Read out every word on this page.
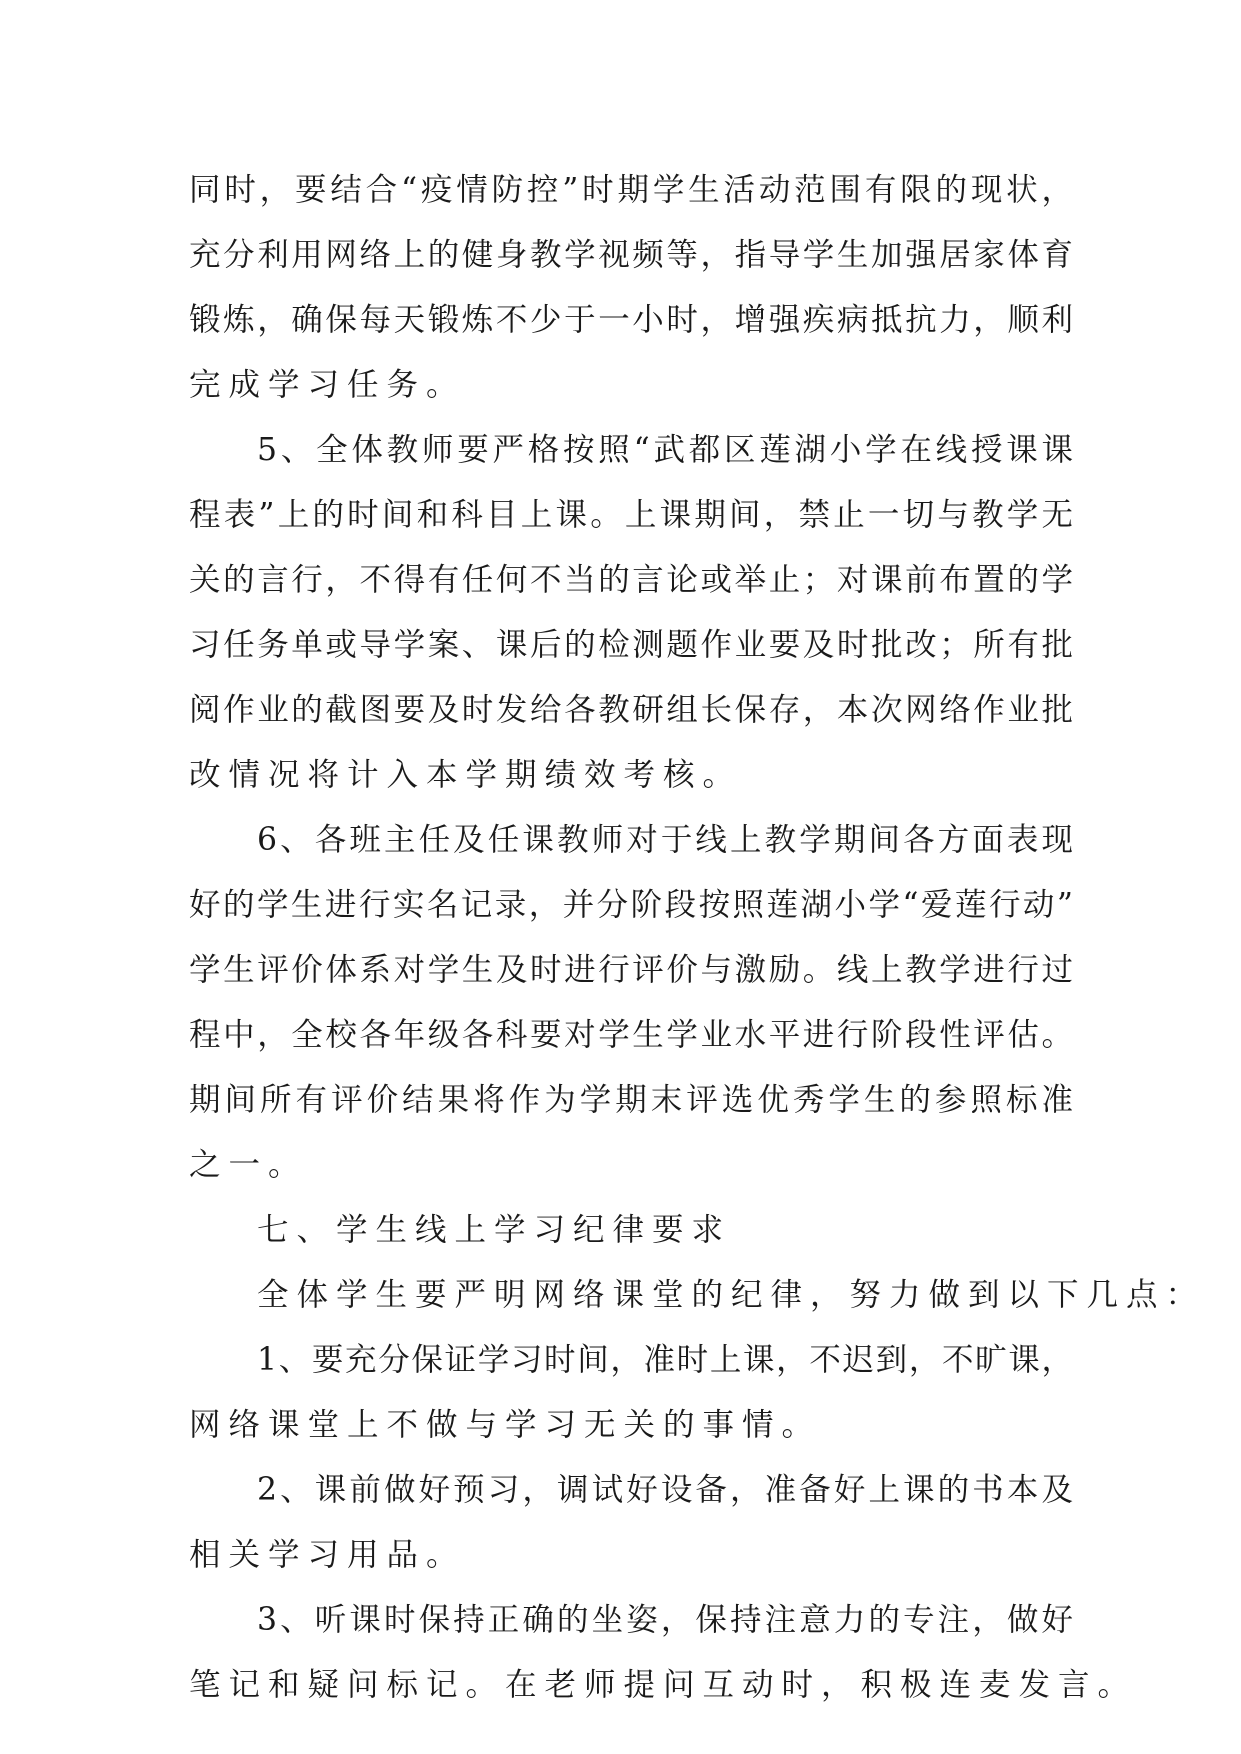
同时，要结合“疫情防控”时期学生活动范围有限的现状，
充分利用网络上的健身教学视频等，指导学生加强居家体育
锻炼，确保每天锻炼不少于一小时，增强疾病抵抗力，顺利
完成学习任务。
5、全体教师要严格按照“武都区莲湖小学在线授课课
程表”上的时间和科目上课。上课期间，禁止一切与教学无
关的言行，不得有任何不当的言论或举止；对课前布置的学
习任务单或导学案、课后的检测题作业要及时批改；所有批
阅作业的截图要及时发给各教研组长保存，本次网络作业批
改情况将计入本学期绩效考核。
6、各班主任及任课教师对于线上教学期间各方面表现
好的学生进行实名记录，并分阶段按照莲湖小学“爱莲行动”
学生评价体系对学生及时进行评价与激励。线上教学进行过
程中，全校各年级各科要对学生学业水平进行阶段性评估。
期间所有评价结果将作为学期末评选优秀学生的参照标准
之一。
七、学生线上学习纪律要求
全体学生要严明网络课堂的纪律，努力做到以下几点：
1、要充分保证学习时间，准时上课，不迟到，不旷课，
网络课堂上不做与学习无关的事情。
2、课前做好预习，调试好设备，准备好上课的书本及
相关学习用品。
3、听课时保持正确的坐姿，保持注意力的专注，做好
笔记和疑问标记。在老师提问互动时，积极连麦发言。
